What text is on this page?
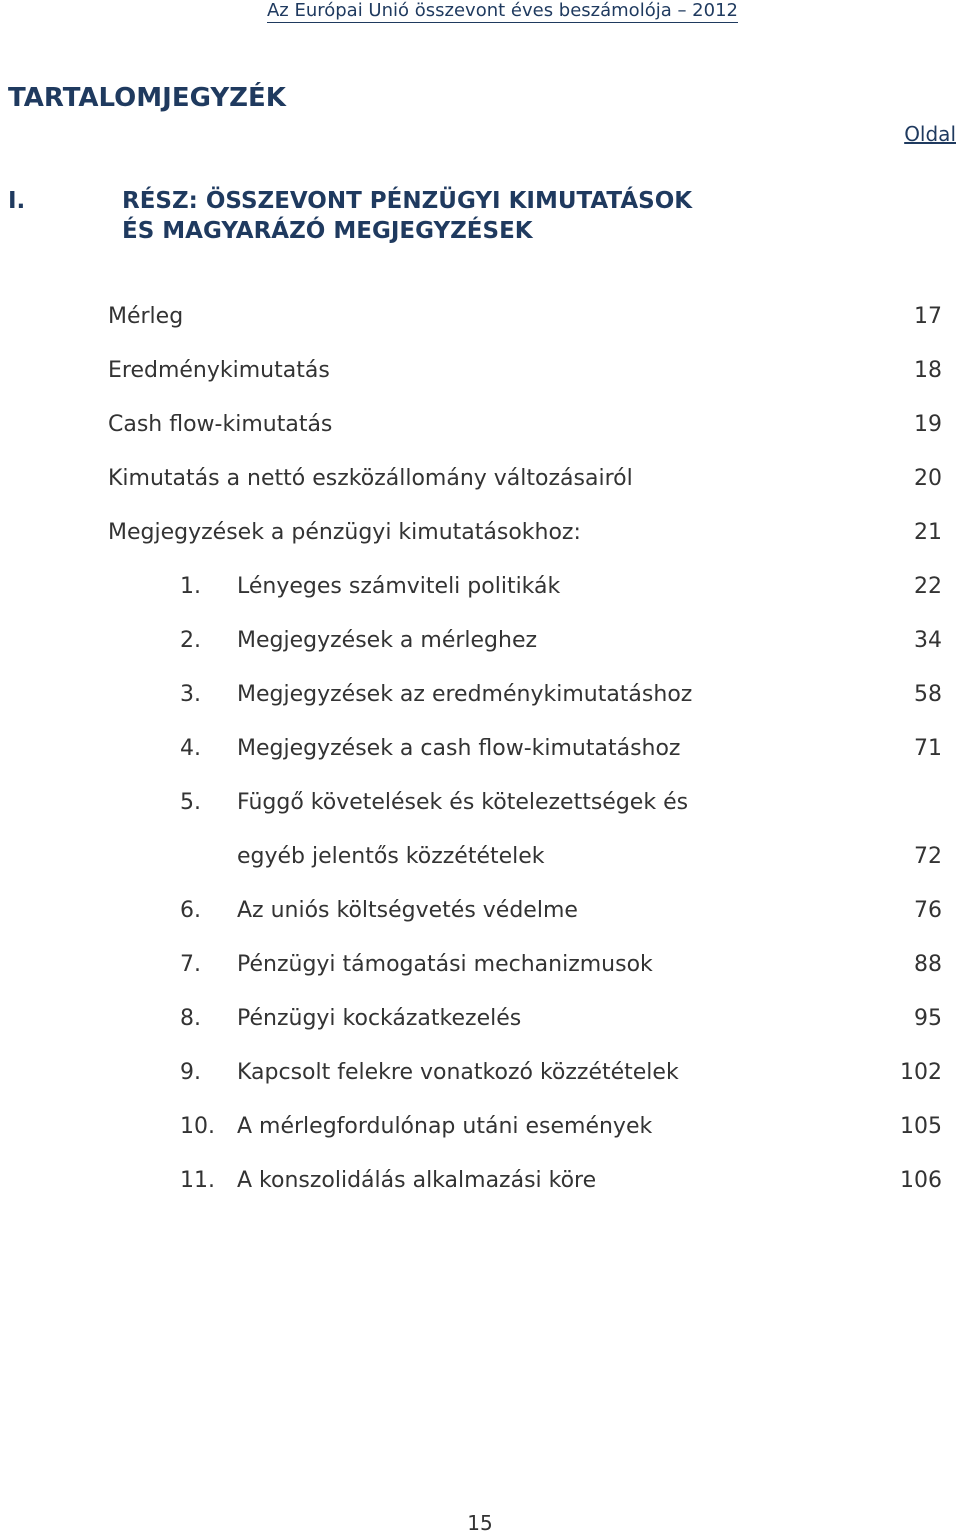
Az Európai Unió összevont éves beszámolója – 2012
TARTALOMJEGYZÉK
Oldal
I.	RÉSZ: ÖSSZEVONT PÉNZÜGYI KIMUTATÁSOK ÉS MAGYARÁZÓ MEGJEGYZÉSEK
Mérleg	17
Eredménykimutatás	18
Cash flow-kimutatás	19
Kimutatás a nettó eszközállomány változásairól	20
Megjegyzések a pénzügyi kimutatásokhoz:	21
1. Lényeges számviteli politikák	22
2. Megjegyzések a mérleghez	34
3. Megjegyzések az eredménykimutatáshoz	58
4. Megjegyzések a cash flow-kimutatáshoz	71
5. Függő követelések és kötelezettségek és
egyéb jelentős közzétételek	72
6. Az uniós költségvetés védelme	76
7. Pénzügyi támogatási mechanizmusok	88
8. Pénzügyi kockázatkezelés	95
9. Kapcsolt felekre vonatkozó közzétételek	102
10. A mérlegfordulónap utáni események	105
11. A konszolidálás alkalmazási köre	106
15
